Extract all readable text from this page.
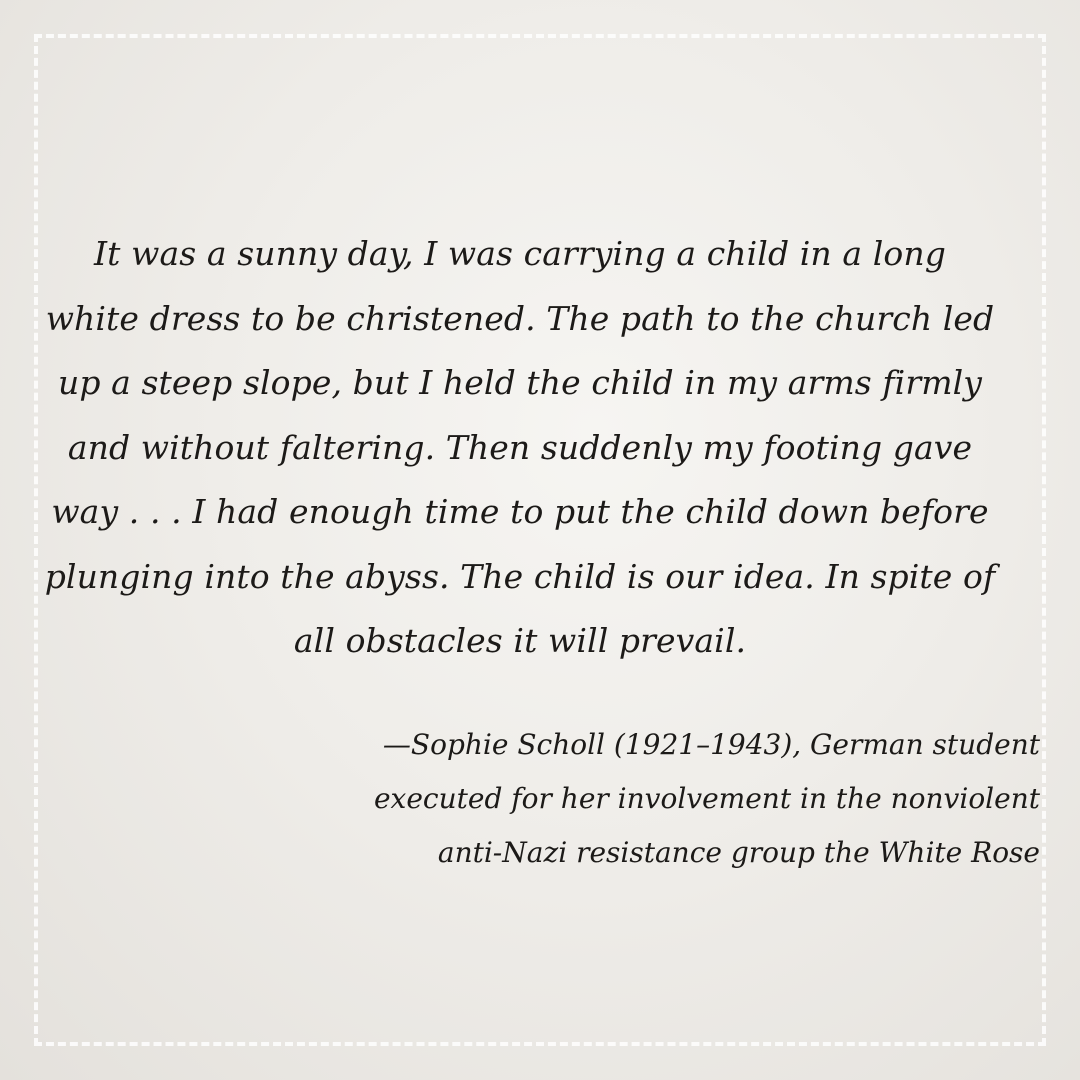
It was a sunny day, I was carrying a child in a long
white dress to be christened. The path to the church led
up a steep slope, but I held the child in my arms firmly
and without faltering. Then suddenly my footing gave
way . . . I had enough time to put the child down before
plunging into the abyss. The child is our idea. In spite of
all obstacles it will prevail.

—Sophie Scholl (1921–1943), German student
executed for her involvement in the nonviolent
anti-Nazi resistance group the White Rose
